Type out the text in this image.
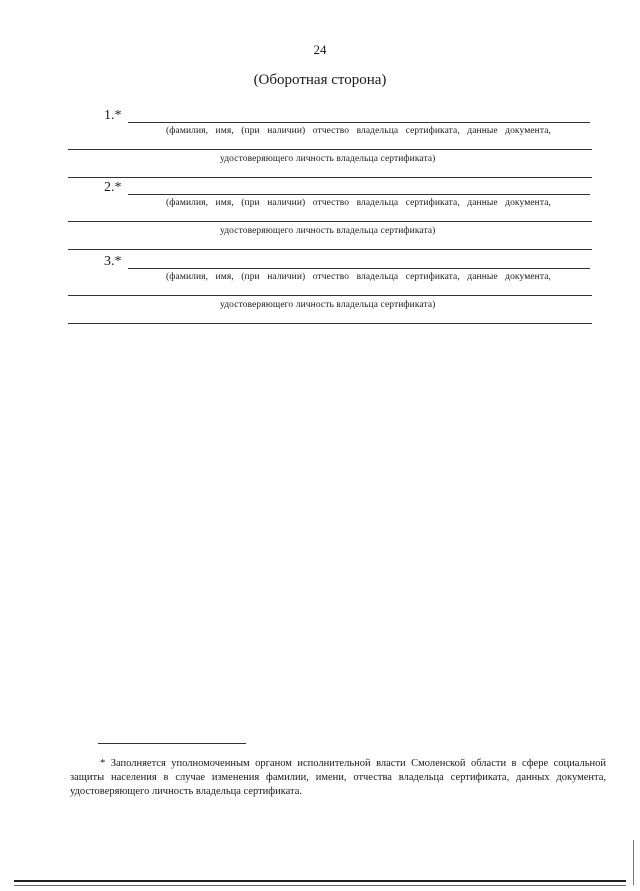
24
(Оборотная сторона)
1.*
(фамилия, имя, (при наличии) отчество владельца сертификата, данные документа,
удостоверяющего личность владельца сертификата)
2.*
(фамилия, имя, (при наличии) отчество владельца сертификата, данные документа,
удостоверяющего личность владельца сертификата)
3.*
(фамилия, имя, (при наличии) отчество владельца сертификата, данные документа,
удостоверяющего личность владельца сертификата)
* Заполняется уполномоченным органом исполнительной власти Смоленской области в сфере социальной защиты населения в случае изменения фамилии, имени, отчества владельца сертификата, данных документа, удостоверяющего личность владельца сертификата.
